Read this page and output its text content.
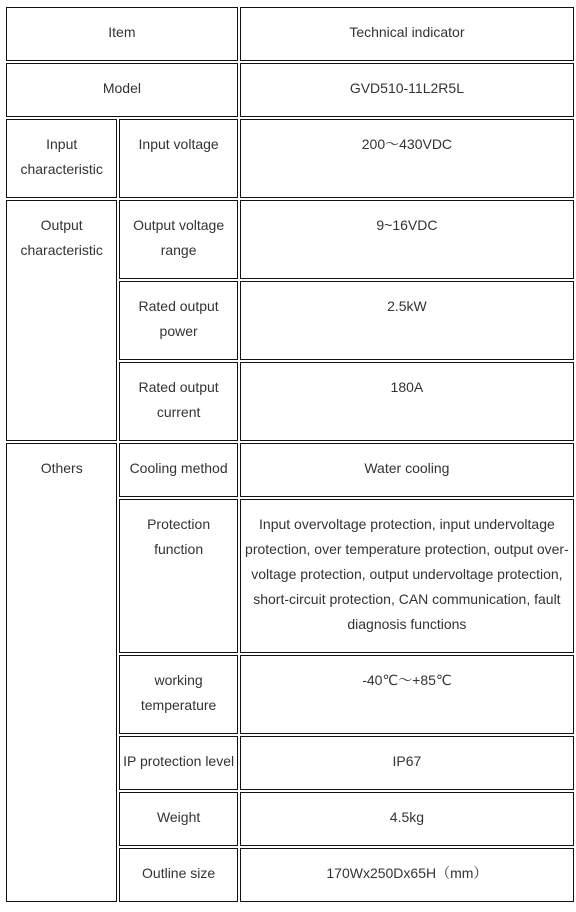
Item		Technical indicator
Model		GVD510-11L2R5L
Input characteristic	Input voltage	200～430VDC
Output characteristic	Output voltage range	9~16VDC
	Rated output power	2.5kW
	Rated output current	180A
Others	Cooling method	Water cooling
	Protection function	Input overvoltage protection, input undervoltage protection, over temperature protection, output over-voltage protection, output undervoltage protection, short-circuit protection, CAN communication, fault diagnosis functions
	working temperature	-40℃～+85℃
	IP protection level	IP67
	Weight	4.5kg
	Outline size	170Wx250Dx65H（mm）
